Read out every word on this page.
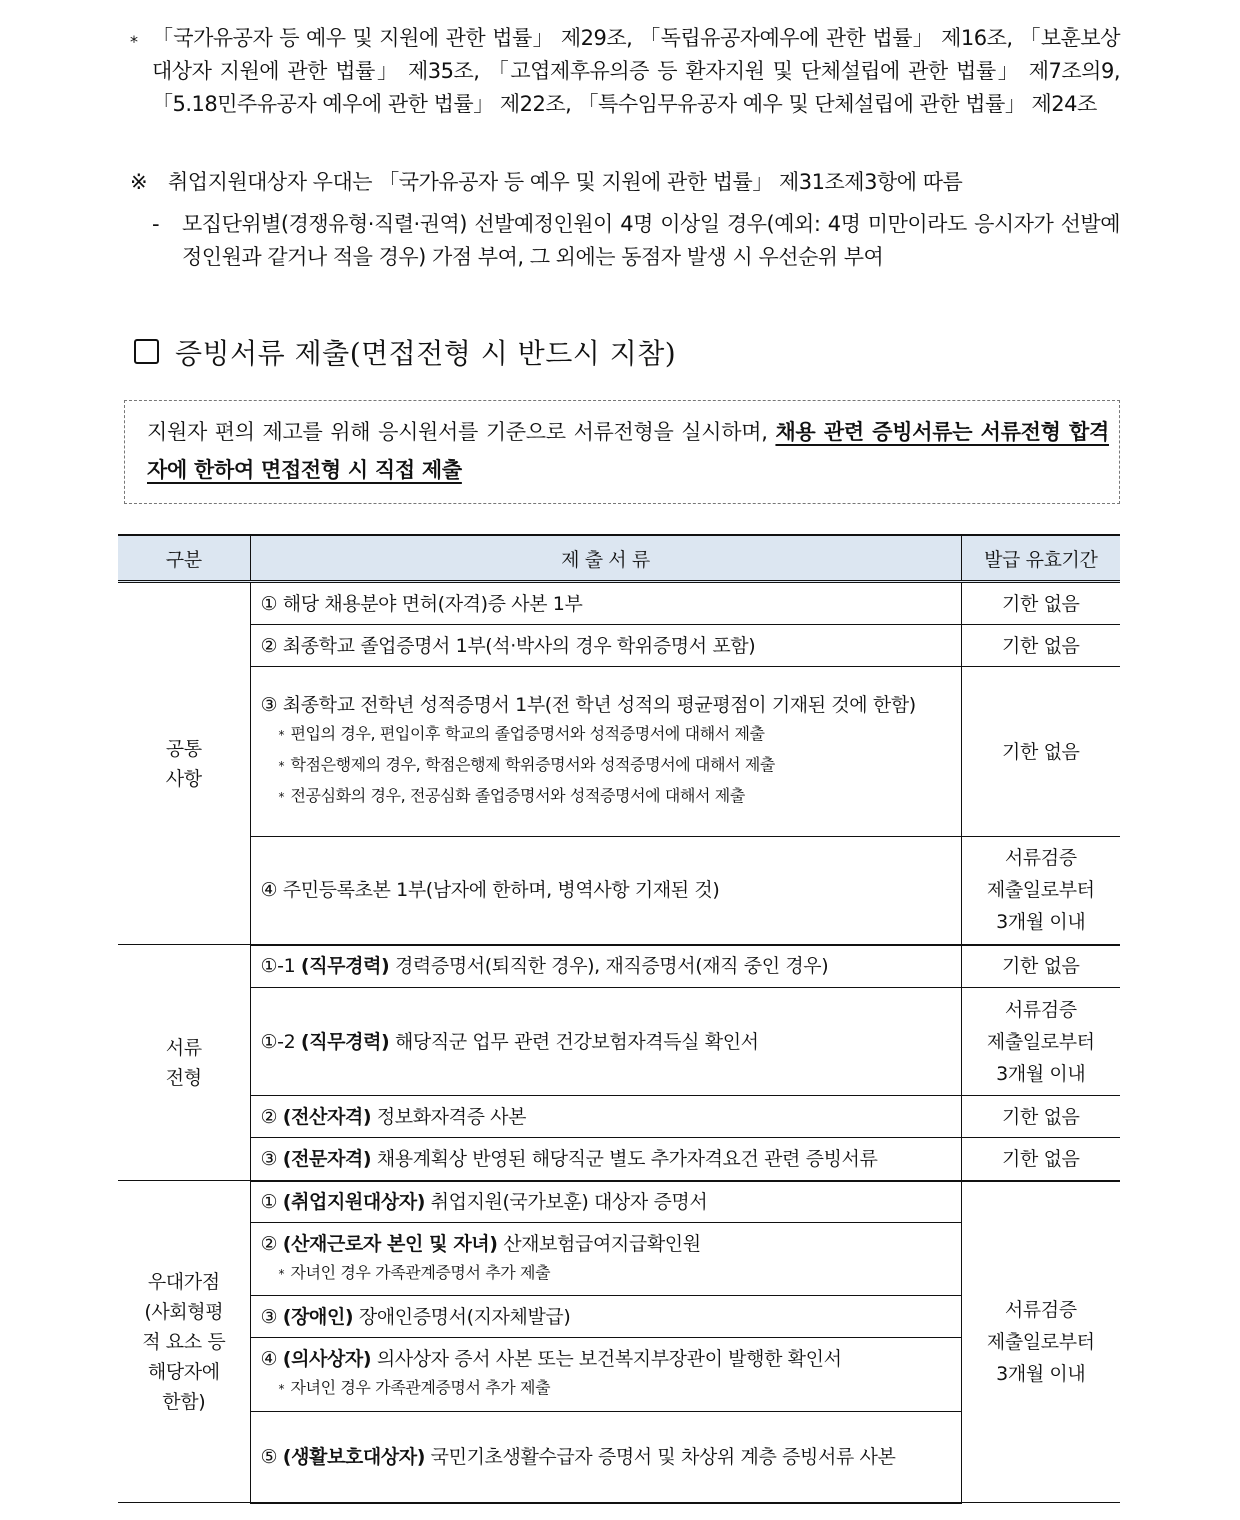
* 「국가유공자 등 예우 및 지원에 관한 법률」 제29조, 「독립유공자예우에 관한 법률」 제16조, 「보훈보상대상자 지원에 관한 법률」 제35조, 「고엽제후유의증 등 환자지원 및 단체설립에 관한 법률」 제7조의9, 「5.18민주유공자 예우에 관한 법률」 제22조, 「특수임무유공자 예우 및 단체설립에 관한 법률」 제24조
※ 취업지원대상자 우대는 「국가유공자 등 예우 및 지원에 관한 법률」 제31조제3항에 따름
-	모집단위별(경쟁유형·직렬·권역) 선발예정인원이 4명 이상일 경우(예외: 4명 미만이라도 응시자가 선발예정인원과 같거나 적을 경우) 가점 부여, 그 외에는 동점자 발생 시 우선순위 부여
증빙서류 제출(면접전형 시 반드시 지참)
지원자 편의 제고를 위해 응시원서를 기준으로 서류전형을 실시하며, 채용 관련 증빙서류는 서류전형 합격자에 한하여 면접전형 시 직접 제출
구분	제 출 서 류	발급 유효기간
공통
사항	① 해당 채용분야 면허(자격)증 사본 1부	기한 없음

	② 최종학교 졸업증명서 1부(석·박사의 경우 학위증명서 포함)	기한 없음

	③ 최종학교 전학년 성적증명서 1부(전 학년 성적의 평균평점이 기재된 것에 한함)
* 편입의 경우, 편입이후 학교의 졸업증명서와 성적증명서에 대해서 제출
* 학점은행제의 경우, 학점은행제 학위증명서와 성적증명서에 대해서 제출
* 전공심화의 경우, 전공심화 졸업증명서와 성적증명서에 대해서 제출	기한 없음

	④ 주민등록초본 1부(남자에 한하며, 병역사항 기재된 것)	서류검증
제출일로부터
3개월 이내
서류
전형	①-1 (직무경력) 경력증명서(퇴직한 경우), 재직증명서(재직 중인 경우)	기한 없음

	①-2 (직무경력) 해당직군 업무 관련 건강보험자격득실 확인서	서류검증
제출일로부터
3개월 이내

	② (전산자격) 정보화자격증 사본	기한 없음

	③ (전문자격) 채용계획상 반영된 해당직군 별도 추가자격요건 관련 증빙서류	기한 없음
우대가점
(사회형평
적 요소 등
해당자에
한함)	① (취업지원대상자) 취업지원(국가보훈) 대상자 증명서	서류검증
제출일로부터
3개월 이내

	② (산재근로자 본인 및 자녀) 산재보험급여지급확인원
* 자녀인 경우 가족관계증명서 추가 제출	

	③ (장애인) 장애인증명서(지자체발급)	

	④ (의사상자) 의사상자 증서 사본 또는 보건복지부장관이 발행한 확인서
* 자녀인 경우 가족관계증명서 추가 제출	

	⑤ (생활보호대상자) 국민기초생활수급자 증명서 및 차상위 계층 증빙서류 사본	
